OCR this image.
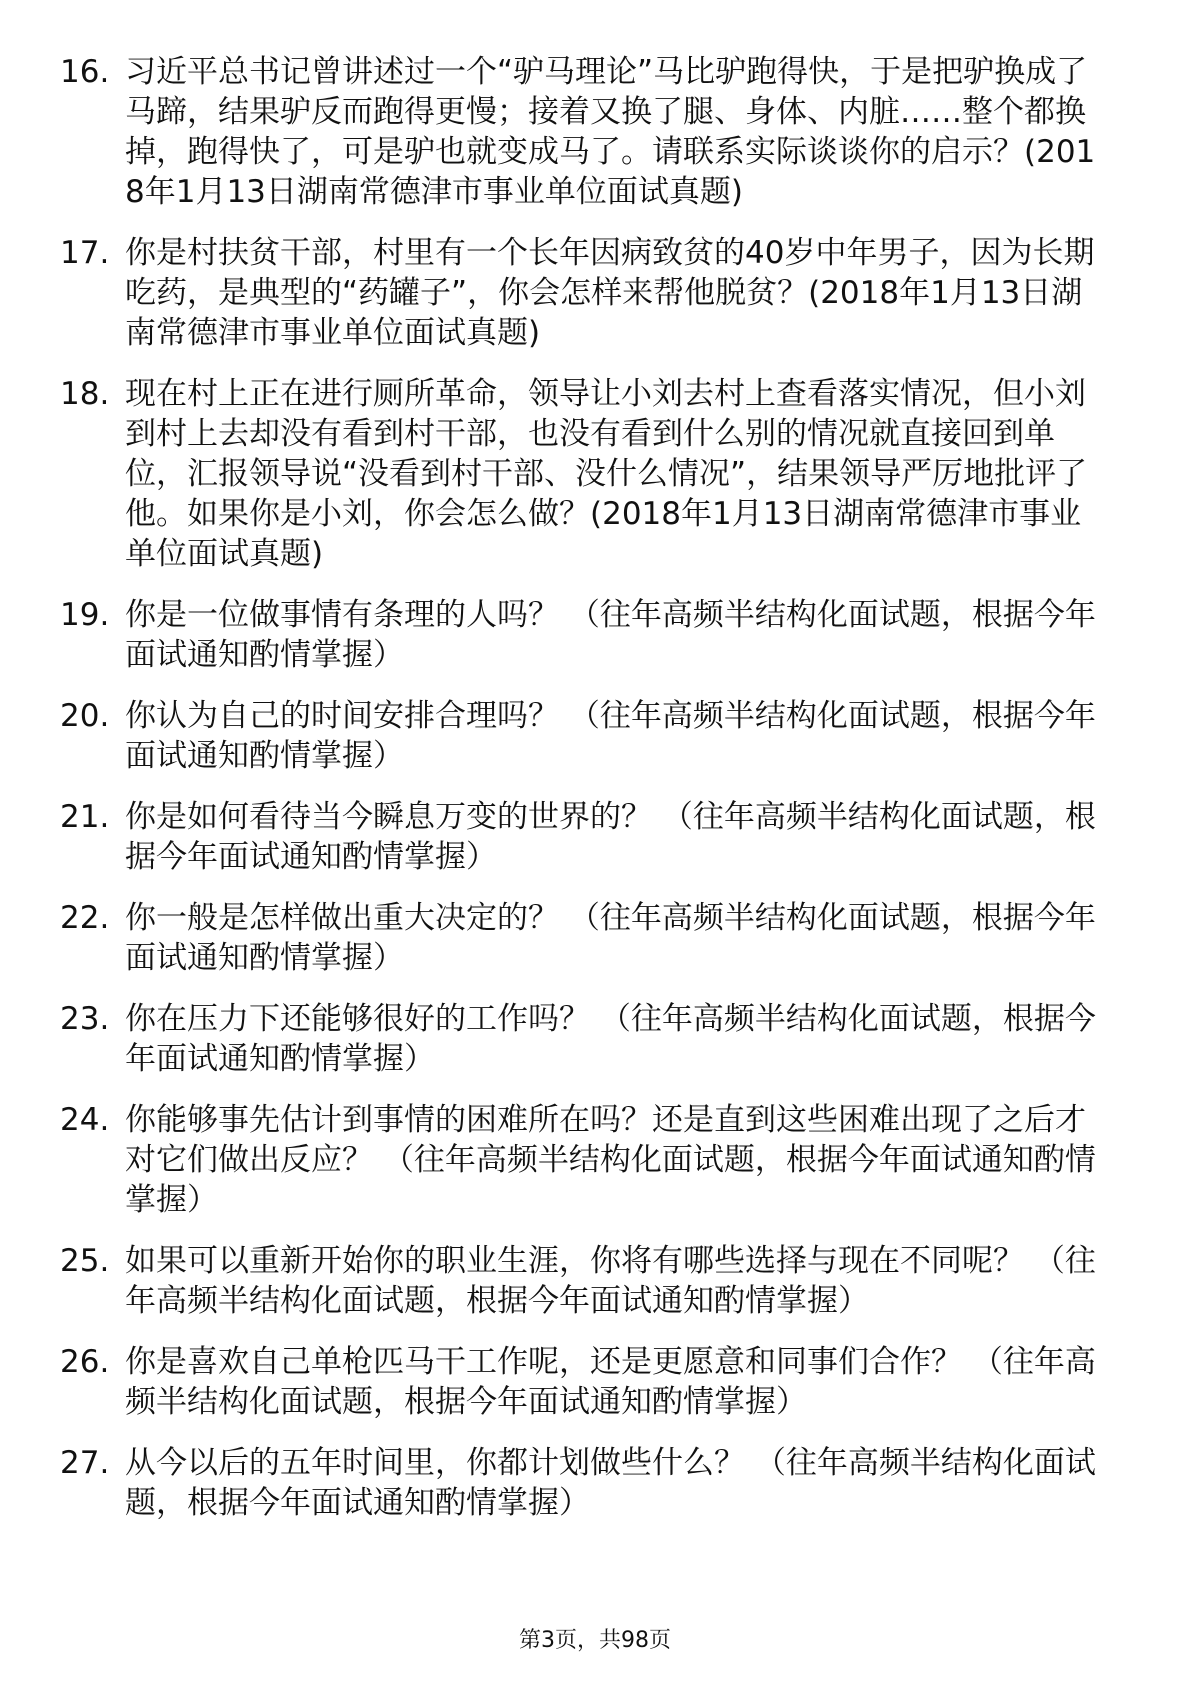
16. 习近平总书记曾讲述过一个“驴马理论”马比驴跑得快，于是把驴换成了马蹄，结果驴反而跑得更慢；接着又换了腿、身体、内脏……整个都换掉，跑得快了，可是驴也就变成马了。请联系实际谈谈你的启示？(2018年1月13日湖南常德津市事业单位面试真题)
17. 你是村扶贫干部，村里有一个长年因病致贫的40岁中年男子，因为长期吃药，是典型的“药罐子”，你会怎样来帮他脱贫？(2018年1月13日湖南常德津市事业单位面试真题)
18. 现在村上正在进行厕所革命，领导让小刘去村上查看落实情况，但小刘到村上去却没有看到村干部，也没有看到什么别的情况就直接回到单位，汇报领导说“没看到村干部、没什么情况”，结果领导严厉地批评了他。如果你是小刘，你会怎么做？(2018年1月13日湖南常德津市事业单位面试真题)
19. 你是一位做事情有条理的人吗？ （往年高频半结构化面试题，根据今年面试通知酌情掌握）
20. 你认为自己的时间安排合理吗？ （往年高频半结构化面试题，根据今年面试通知酌情掌握）
21. 你是如何看待当今瞬息万变的世界的？ （往年高频半结构化面试题，根据今年面试通知酌情掌握）
22. 你一般是怎样做出重大决定的？ （往年高频半结构化面试题，根据今年面试通知酌情掌握）
23. 你在压力下还能够很好的工作吗？ （往年高频半结构化面试题，根据今年面试通知酌情掌握）
24. 你能够事先估计到事情的困难所在吗？还是直到这些困难出现了之后才对它们做出反应？ （往年高频半结构化面试题，根据今年面试通知酌情掌握）
25. 如果可以重新开始你的职业生涯，你将有哪些选择与现在不同呢？ （往年高频半结构化面试题，根据今年面试通知酌情掌握）
26. 你是喜欢自己单枪匹马干工作呢，还是更愿意和同事们合作？ （往年高频半结构化面试题，根据今年面试通知酌情掌握）
27. 从今以后的五年时间里，你都计划做些什么？ （往年高频半结构化面试题，根据今年面试通知酌情掌握）
第3页，共98页
